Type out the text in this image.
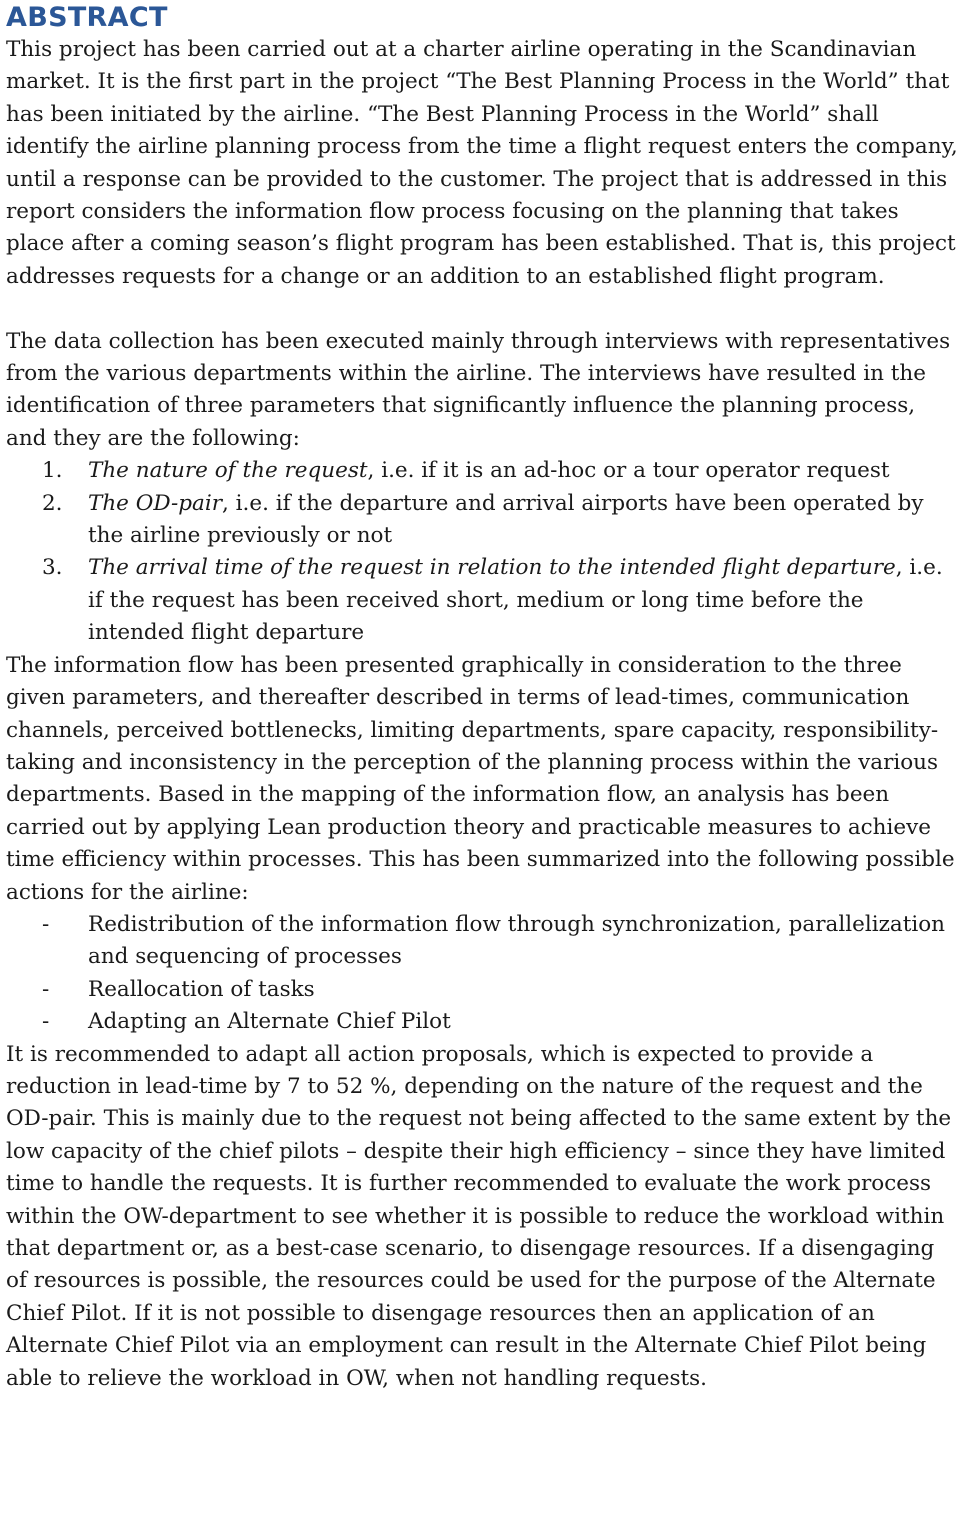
ABSTRACT

This project has been carried out at a charter airline operating in the Scandinavian market. It is the first part in the project “The Best Planning Process in the World” that has been initiated by the airline. “The Best Planning Process in the World” shall identify the airline planning process from the time a flight request enters the company, until a response can be provided to the customer. The project that is addressed in this report considers the information flow process focusing on the planning that takes place after a coming season’s flight program has been established. That is, this project addresses requests for a change or an addition to an established flight program.

The data collection has been executed mainly through interviews with representatives from the various departments within the airline. The interviews have resulted in the identification of three parameters that significantly influence the planning process, and they are the following:

1. The nature of the request, i.e. if it is an ad-hoc or a tour operator request
2. The OD-pair, i.e. if the departure and arrival airports have been operated by the airline previously or not
3. The arrival time of the request in relation to the intended flight departure, i.e. if the request has been received short, medium or long time before the intended flight departure

The information flow has been presented graphically in consideration to the three given parameters, and thereafter described in terms of lead-times, communication channels, perceived bottlenecks, limiting departments, spare capacity, responsibility-taking and inconsistency in the perception of the planning process within the various departments. Based in the mapping of the information flow, an analysis has been carried out by applying Lean production theory and practicable measures to achieve time efficiency within processes. This has been summarized into the following possible actions for the airline:

- Redistribution of the information flow through synchronization, parallelization and sequencing of processes
- Reallocation of tasks
- Adapting an Alternate Chief Pilot

It is recommended to adapt all action proposals, which is expected to provide a reduction in lead-time by 7 to 52 %, depending on the nature of the request and the OD-pair. This is mainly due to the request not being affected to the same extent by the low capacity of the chief pilots – despite their high efficiency – since they have limited time to handle the requests. It is further recommended to evaluate the work process within the OW-department to see whether it is possible to reduce the workload within that department or, as a best-case scenario, to disengage resources. If a disengaging of resources is possible, the resources could be used for the purpose of the Alternate Chief Pilot. If it is not possible to disengage resources then an application of an Alternate Chief Pilot via an employment can result in the Alternate Chief Pilot being able to relieve the workload in OW, when not handling requests.
